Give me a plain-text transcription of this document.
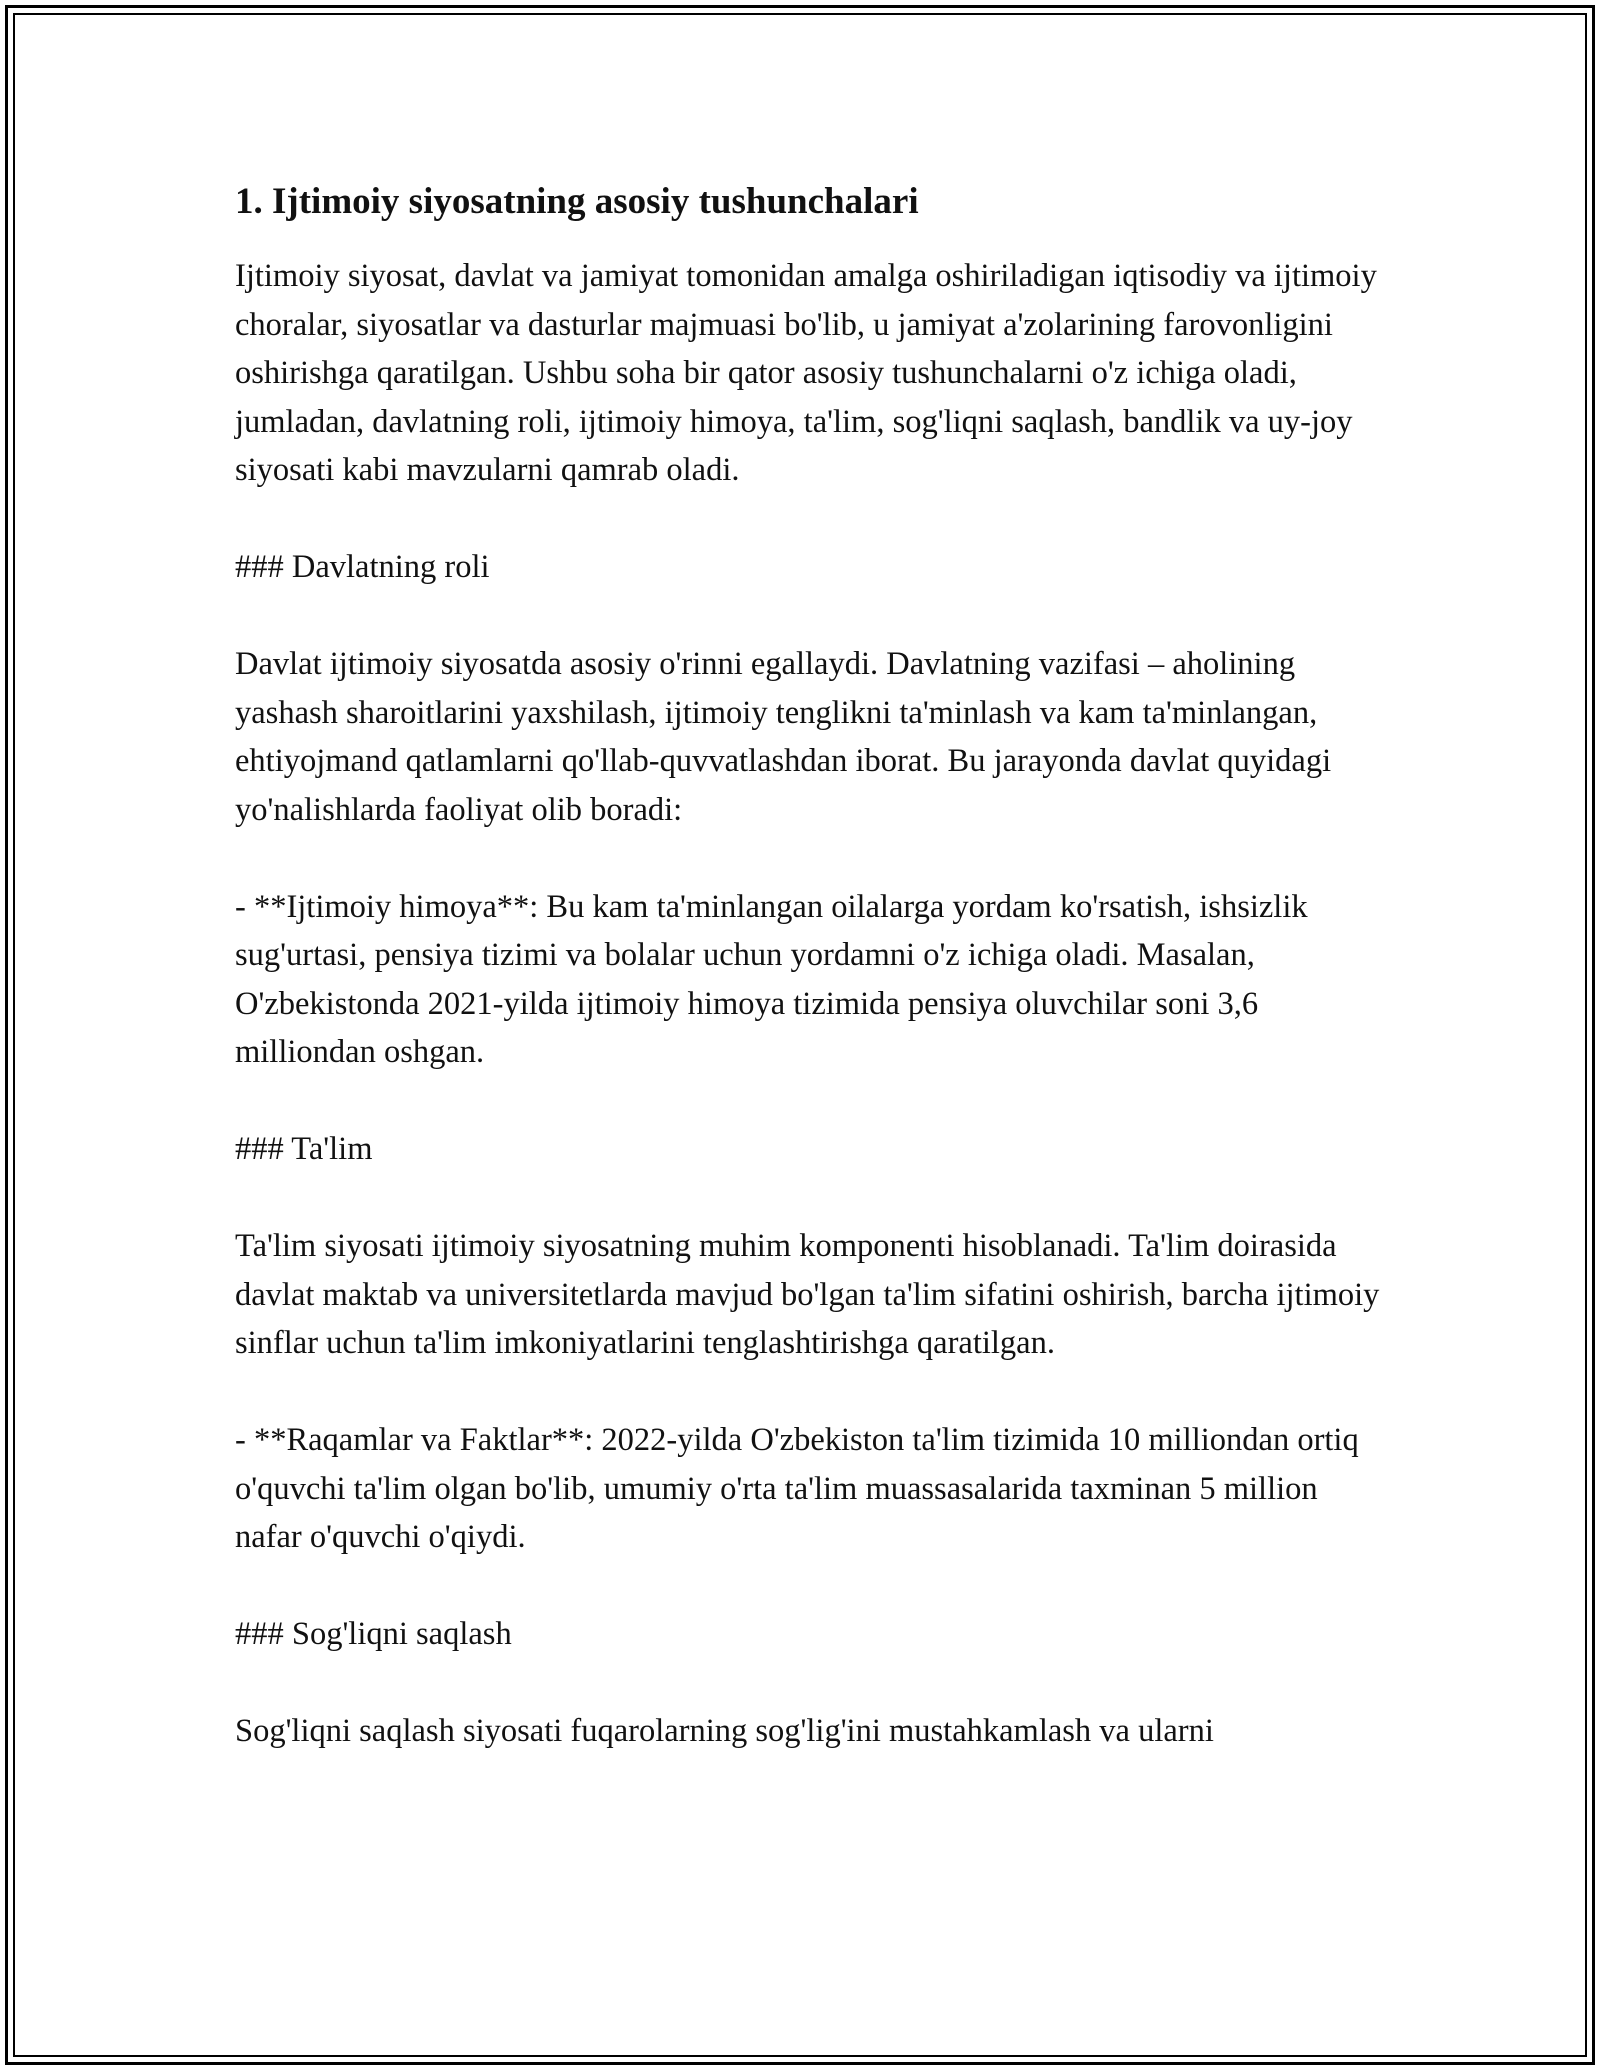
1. Ijtimoiy siyosatning asosiy tushunchalari

Ijtimoiy siyosat, davlat va jamiyat tomonidan amalga oshiriladigan iqtisodiy va ijtimoiy choralar, siyosatlar va dasturlar majmuasi bo'lib, u jamiyat a'zolarining farovonligini oshirishga qaratilgan. Ushbu soha bir qator asosiy tushunchalarni o'z ichiga oladi, jumladan, davlatning roli, ijtimoiy himoya, ta'lim, sog'liqni saqlash, bandlik va uy-joy siyosati kabi mavzularni qamrab oladi.

### Davlatning roli

Davlat ijtimoiy siyosatda asosiy o'rinni egallaydi. Davlatning vazifasi – aholining yashash sharoitlarini yaxshilash, ijtimoiy tenglikni ta'minlash va kam ta'minlangan, ehtiyojmand qatlamlarni qo'llab-quvvatlashdan iborat. Bu jarayonda davlat quyidagi yo'nalishlarda faoliyat olib boradi:

- **Ijtimoiy himoya**: Bu kam ta'minlangan oilalarga yordam ko'rsatish, ishsizlik sug'urtasi, pensiya tizimi va bolalar uchun yordamni o'z ichiga oladi. Masalan, O'zbekistonda 2021-yilda ijtimoiy himoya tizimida pensiya oluvchilar soni 3,6 milliondan oshgan.

### Ta'lim

Ta'lim siyosati ijtimoiy siyosatning muhim komponenti hisoblanadi. Ta'lim doirasida davlat maktab va universitetlarda mavjud bo'lgan ta'lim sifatini oshirish, barcha ijtimoiy sinflar uchun ta'lim imkoniyatlarini tenglashtirishga qaratilgan.

- **Raqamlar va Faktlar**: 2022-yilda O'zbekiston ta'lim tizimida 10 milliondan ortiq o'quvchi ta'lim olgan bo'lib, umumiy o'rta ta'lim muassasalarida taxminan 5 million nafar o'quvchi o'qiydi.

### Sog'liqni saqlash

Sog'liqni saqlash siyosati fuqarolarning sog'lig'ini mustahkamlash va ularni
